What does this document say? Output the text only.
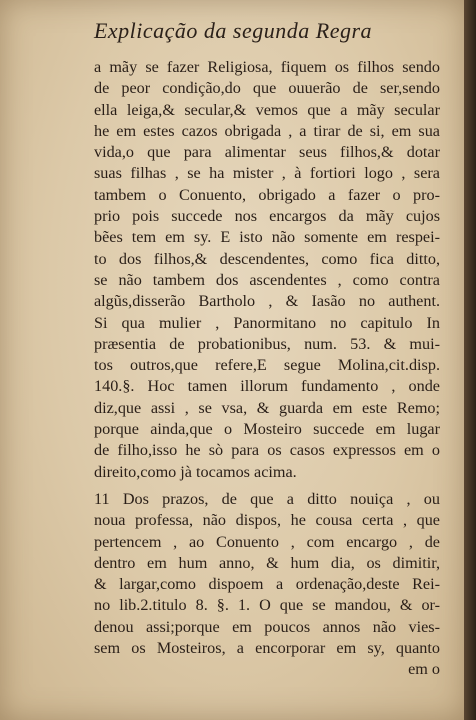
Explicação da segunda Regra
a mãy se fazer Religiosa, fiquem os filhos sendo
de peor condição,do que ouuerão de ser,sendo
ella leiga,& secular,& vemos que a mãy secular
he em estes cazos obrigada , a tirar de si, em sua
vida,o que para alimentar seus filhos,& dotar
suas filhas , se ha mister , à fortiori logo , sera
tambem o Conuento, obrigado a fazer o pro-
prio pois succede nos encargos da mãy cujos
bẽes tem em sy. E isto não somente em respei-
to dos filhos,& descendentes, como fica ditto,
se não tambem dos ascendentes , como contra
algũs,disserão Bartholo , & Iasão no authent.
Si qua mulier , Panormitano no capitulo In
præsentia de probationibus, num. 53. & mui-
tos outros,que refere,E segue Molina,cit.disp.
140.§. Hoc tamen illorum fundamento , onde
diz,que assi , se vsa, & guarda em este Remo;
porque ainda,que o Mosteiro succede em lugar
de filho,isso he sò para os casos expressos em o
direito,como jà tocamos acima.
11 Dos prazos, de que a ditto nouiça , ou
noua professa, não dispos, he cousa certa , que
pertencem , ao Conuento , com encargo , de
dentro em hum anno, & hum dia, os dimitir,
& largar,como dispoem a ordenação,deste Rei-
no lib.2.titulo 8. §. 1. O que se mandou, & or-
denou assi;porque em poucos annos não vies-
sem os Mosteiros, a encorporar em sy, quanto
em o
